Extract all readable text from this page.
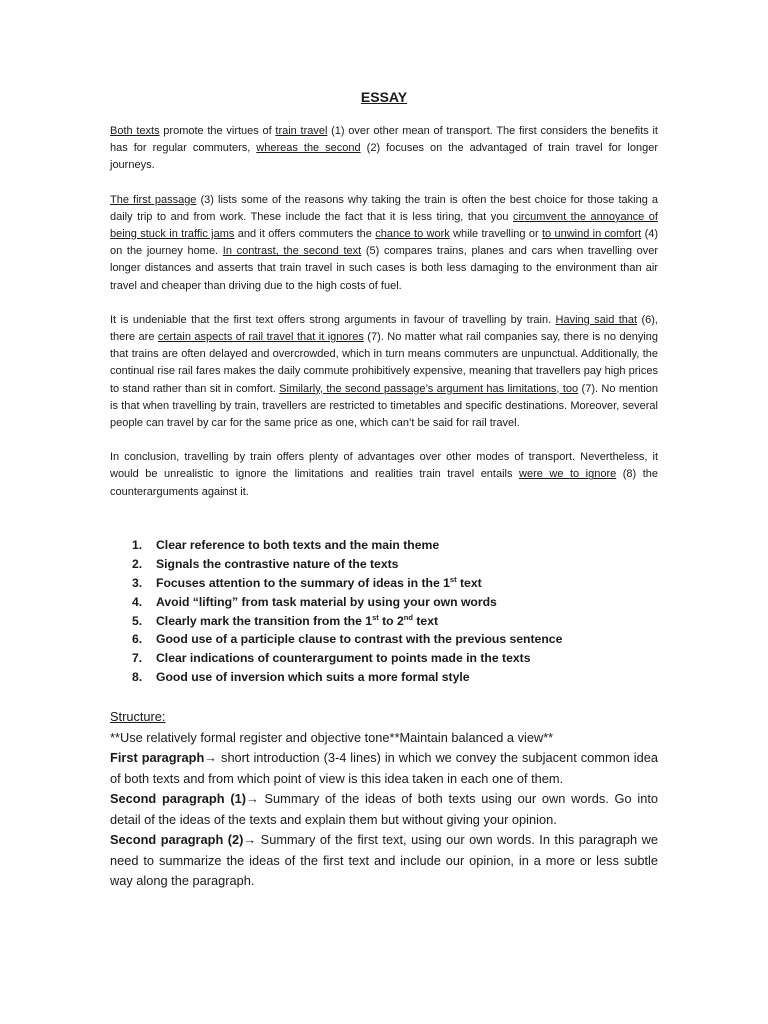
ESSAY

Both texts promote the virtues of train travel (1) over other mean of transport. The first considers the benefits it has for regular commuters, whereas the second (2) focuses on the advantaged of train travel for longer journeys.

The first passage (3) lists some of the reasons why taking the train is often the best choice for those taking a daily trip to and from work. These include the fact that it is less tiring, that you circumvent the annoyance of being stuck in traffic jams and it offers commuters the chance to work while travelling or to unwind in comfort (4) on the journey home. In contrast, the second text (5) compares trains, planes and cars when travelling over longer distances and asserts that train travel in such cases is both less damaging to the environment than air travel and cheaper than driving due to the high costs of fuel.

It is undeniable that the first text offers strong arguments in favour of travelling by train. Having said that (6), there are certain aspects of rail travel that it ignores (7). No matter what rail companies say, there is no denying that trains are often delayed and overcrowded, which in turn means commuters are unpunctual. Additionally, the continual rise rail fares makes the daily commute prohibitively expensive, meaning that travellers pay high prices to stand rather than sit in comfort. Similarly, the second passage’s argument has limitations, too (7). No mention is that when travelling by train, travellers are restricted to timetables and specific destinations. Moreover, several people can travel by car for the same price as one, which can’t be said for rail travel.

In conclusion, travelling by train offers plenty of advantages over other modes of transport. Nevertheless, it would be unrealistic to ignore the limitations and realities train travel entails were we to ignore (8) the counterarguments against it.

1.	Clear reference to both texts and the main theme
2.	Signals the contrastive nature of the texts
3.	Focuses attention to the summary of ideas in the 1st text
4.	Avoid “lifting” from task material by using your own words
5.	Clearly mark the transition from the 1st to 2nd text
6.	Good use of a participle clause to contrast with the previous sentence
7.	Clear indications of counterargument to points made in the texts
8.	Good use of inversion which suits a more formal style
Structure:
**Use relatively formal register and objective tone**Maintain balanced a view**
First paragraph→ short introduction (3-4 lines) in which we convey the subjacent common idea of both texts and from which point of view is this idea taken in each one of them.
Second paragraph (1)→ Summary of the ideas of both texts using our own words. Go into detail of the ideas of the texts and explain them but without giving your opinion.
Second paragraph (2)→ Summary of the first text, using our own words. In this paragraph we need to summarize the ideas of the first text and include our opinion, in a more or less subtle way along the paragraph.
